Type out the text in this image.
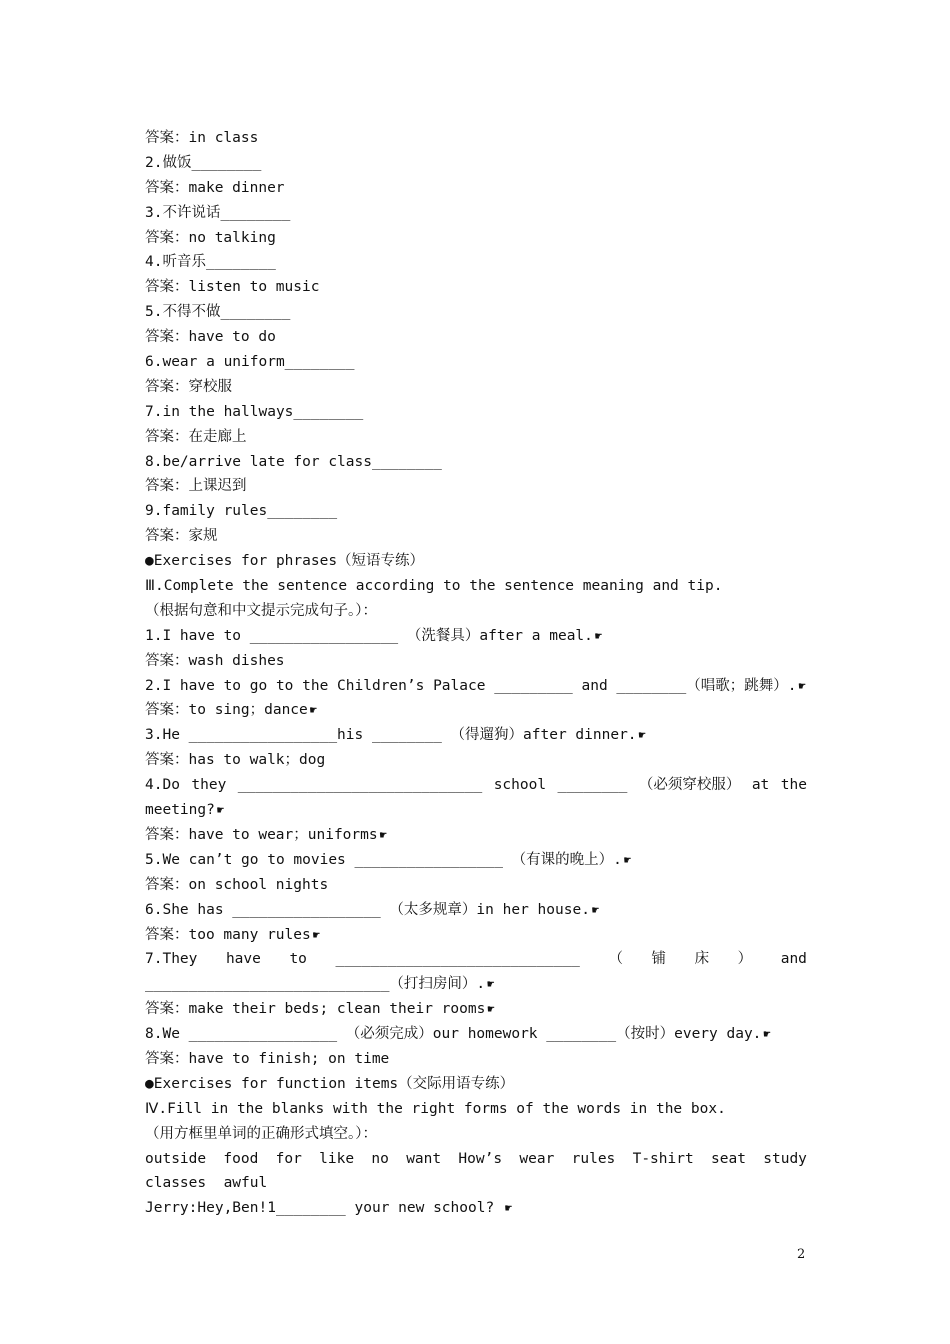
答案：in class
2.做饭________
答案：make dinner
3.不许说话________
答案：no talking
4.听音乐________
答案：listen to music
5.不得不做________
答案：have to do
6.wear a uniform________
答案：穿校服
7.in the hallways________
答案：在走廊上
8.be/arrive late for class________
答案：上课迟到
9.family rules________
答案：家规
●Exercises for phrases（短语专练）
Ⅲ.Complete the sentence according to the sentence meaning and tip.
（根据句意和中文提示完成句子。）：
1.I have to _________________ （洗餐具）after a meal. ☛
答案：wash dishes
2.I have to go to the Children’s Palace _________ and ________（唱歌；跳舞）. ☛
答案：to sing；dance ☛
3.He _________________his ________ （得遛狗）after dinner. ☛
答案：has to walk；dog
4.Do they ____________________________ school ________ （必须穿校服） at the
meeting? ☛
答案：have to wear；uniforms ☛
5.We can’t go to movies _________________ （有课的晚上）. ☛
答案：on school nights
6.She has _________________ （太多规章）in her house. ☛
答案：too many rules ☛
7.They have to ____________________________ （ 铺 床 ） and
____________________________（打扫房间）. ☛
答案：make their beds; clean their rooms ☛
8.We _________________ （必须完成）our homework ________（按时）every day. ☛
答案：have to finish; on time
●Exercises for function items（交际用语专练）
Ⅳ.Fill in the blanks with the right forms of the words in the box.
（用方框里单词的正确形式填空。）：
outside food for like no want How’s wear rules T-shirt seat study
classes  awful
Jerry:Hey,Ben!1________ your new school? ☛
2
